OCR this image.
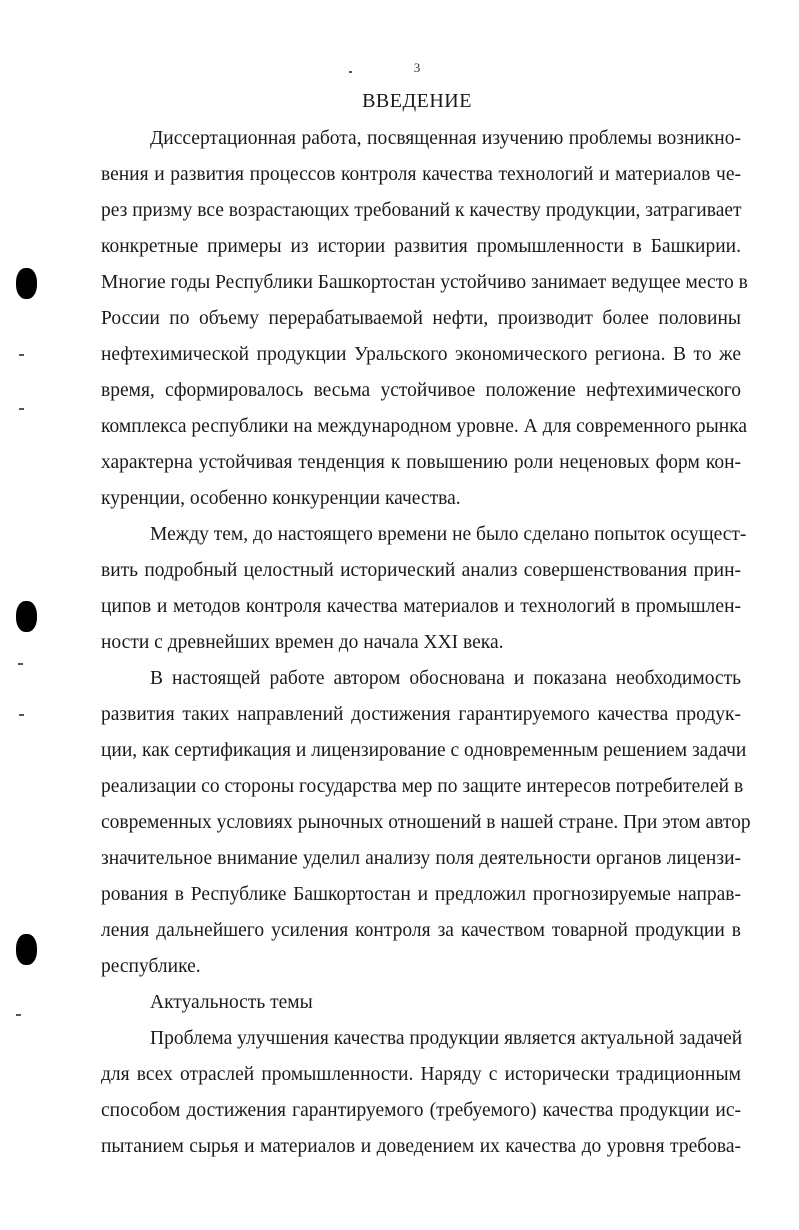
3
ВВЕДЕНИЕ
Диссертационная работа, посвященная изучению проблемы возникно-
вения и развития процессов контроля качества технологий и материалов че-
рез призму все возрастающих требований к качеству продукции, затрагивает
конкретные примеры из истории развития промышленности в Башкирии.
Многие годы Республики Башкортостан устойчиво занимает ведущее место в
России по объему перерабатываемой нефти, производит более половины
нефтехимической продукции Уральского экономического региона. В то же
время, сформировалось весьма устойчивое положение нефтехимического
комплекса республики на международном уровне. А для современного рынка
характерна устойчивая тенденция к повышению роли неценовых форм кон-
куренции, особенно конкуренции качества.
Между тем, до настоящего времени не было сделано попыток осущест-
вить подробный целостный исторический анализ совершенствования прин-
ципов и методов контроля качества материалов и технологий в промышлен-
ности с древнейших времен до начала XXI века.
В настоящей работе автором обоснована и показана необходимость
развития таких направлений достижения гарантируемого качества продук-
ции, как сертификация и лицензирование с одновременным решением задачи
реализации со стороны государства мер по защите интересов потребителей в
современных условиях рыночных отношений в нашей стране. При этом автор
значительное внимание уделил анализу поля деятельности органов лицензи-
рования в Республике Башкортостан и предложил прогнозируемые направ-
ления дальнейшего усиления контроля за качеством товарной продукции в
республике.
Актуальность темы
Проблема улучшения качества продукции является актуальной задачей
для всех отраслей промышленности. Наряду с исторически традиционным
способом достижения гарантируемого (требуемого) качества продукции ис-
пытанием сырья и материалов и доведением их качества до уровня требова-
